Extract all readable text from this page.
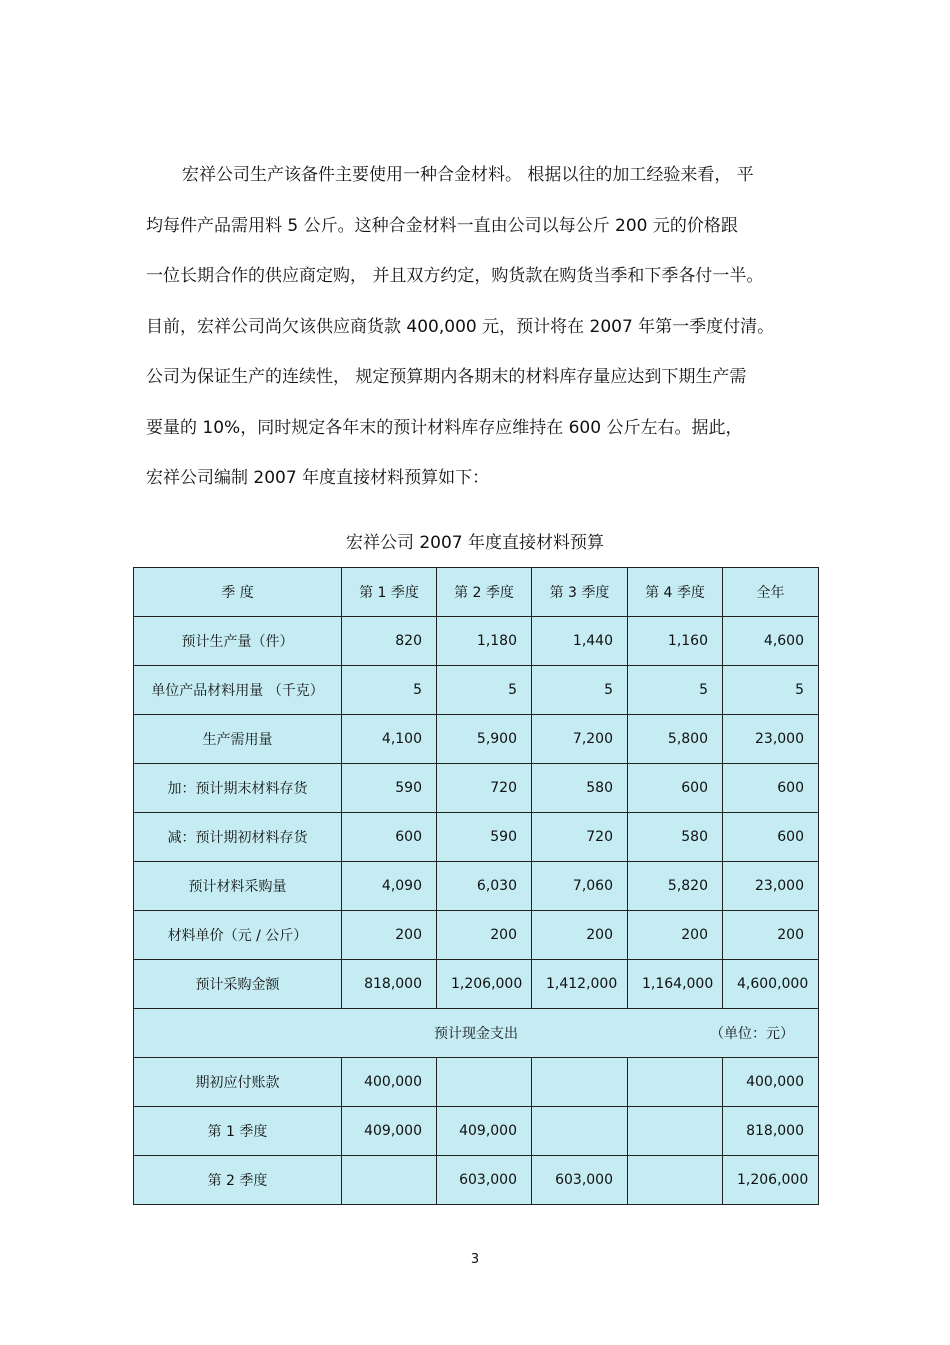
宏祥公司生产该备件主要使用一种合金材料。 根据以往的加工经验来看， 平
均每件产品需用料 5 公斤。这种合金材料一直由公司以每公斤 200 元的价格跟
一位长期合作的供应商定购， 并且双方约定，购货款在购货当季和下季各付一半。
目前，宏祥公司尚欠该供应商货款 400,000 元，预计将在 2007 年第一季度付清。
公司为保证生产的连续性， 规定预算期内各期末的材料库存量应达到下期生产需
要量的 10%，同时规定各年末的预计材料库存应维持在 600 公斤左右。据此，
宏祥公司编制 2007 年度直接材料预算如下：
宏祥公司 2007 年度直接材料预算
季 度	第 1 季度	第 2 季度	第 3 季度	第 4 季度	全年
预计生产量（件）	820	1,180	1,440	1,160	4,600
单位产品材料用量 （千克）	5	5	5	5	5
生产需用量	4,100	5,900	7,200	5,800	23,000
加：预计期末材料存货	590	720	580	600	600
减：预计期初材料存货	600	590	720	580	600
预计材料采购量	4,090	6,030	7,060	5,820	23,000
材料单价（元 / 公斤）	200	200	200	200	200
预计采购金额	818,000	1,206,000	1,412,000	1,164,000	4,600,000
预计现金支出 （单位：元）					

期初应付账款	400,000				400,000
第 1 季度	409,000	409,000			818,000
第 2 季度		603,000	603,000		1,206,000
3
